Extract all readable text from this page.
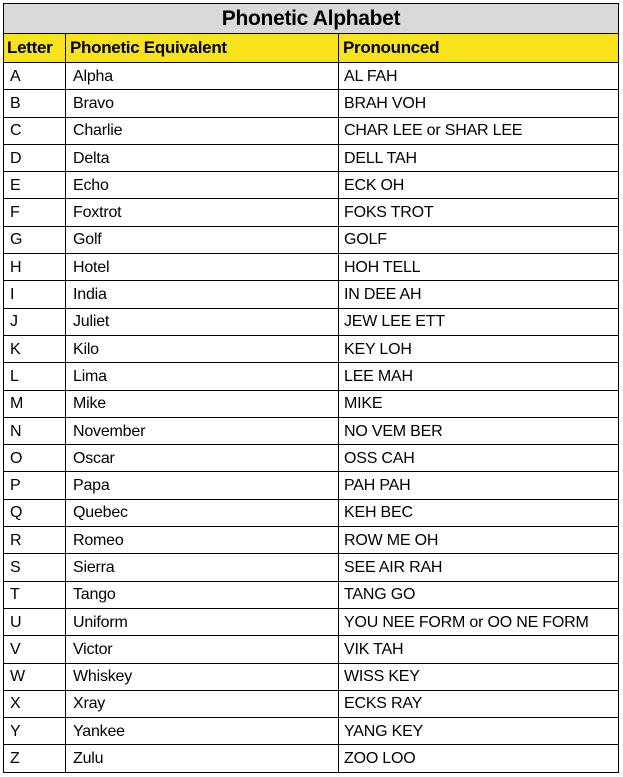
Phonetic Alphabet		
Letter	Phonetic Equivalent	Pronounced
A	Alpha	AL FAH
B	Bravo	BRAH VOH
C	Charlie	CHAR LEE or SHAR LEE
D	Delta	DELL TAH
E	Echo	ECK OH
F	Foxtrot	FOKS TROT
G	Golf	GOLF
H	Hotel	HOH TELL
I	India	IN DEE AH
J	Juliet	JEW LEE ETT
K	Kilo	KEY LOH
L	Lima	LEE MAH
M	Mike	MIKE
N	November	NO VEM BER
O	Oscar	OSS CAH
P	Papa	PAH PAH
Q	Quebec	KEH BEC
R	Romeo	ROW ME OH
S	Sierra	SEE AIR RAH
T	Tango	TANG GO
U	Uniform	YOU NEE FORM or OO NE FORM
V	Victor	VIK TAH
W	Whiskey	WISS KEY
X	Xray	ECKS RAY
Y	Yankee	YANG KEY
Z	Zulu	ZOO LOO
